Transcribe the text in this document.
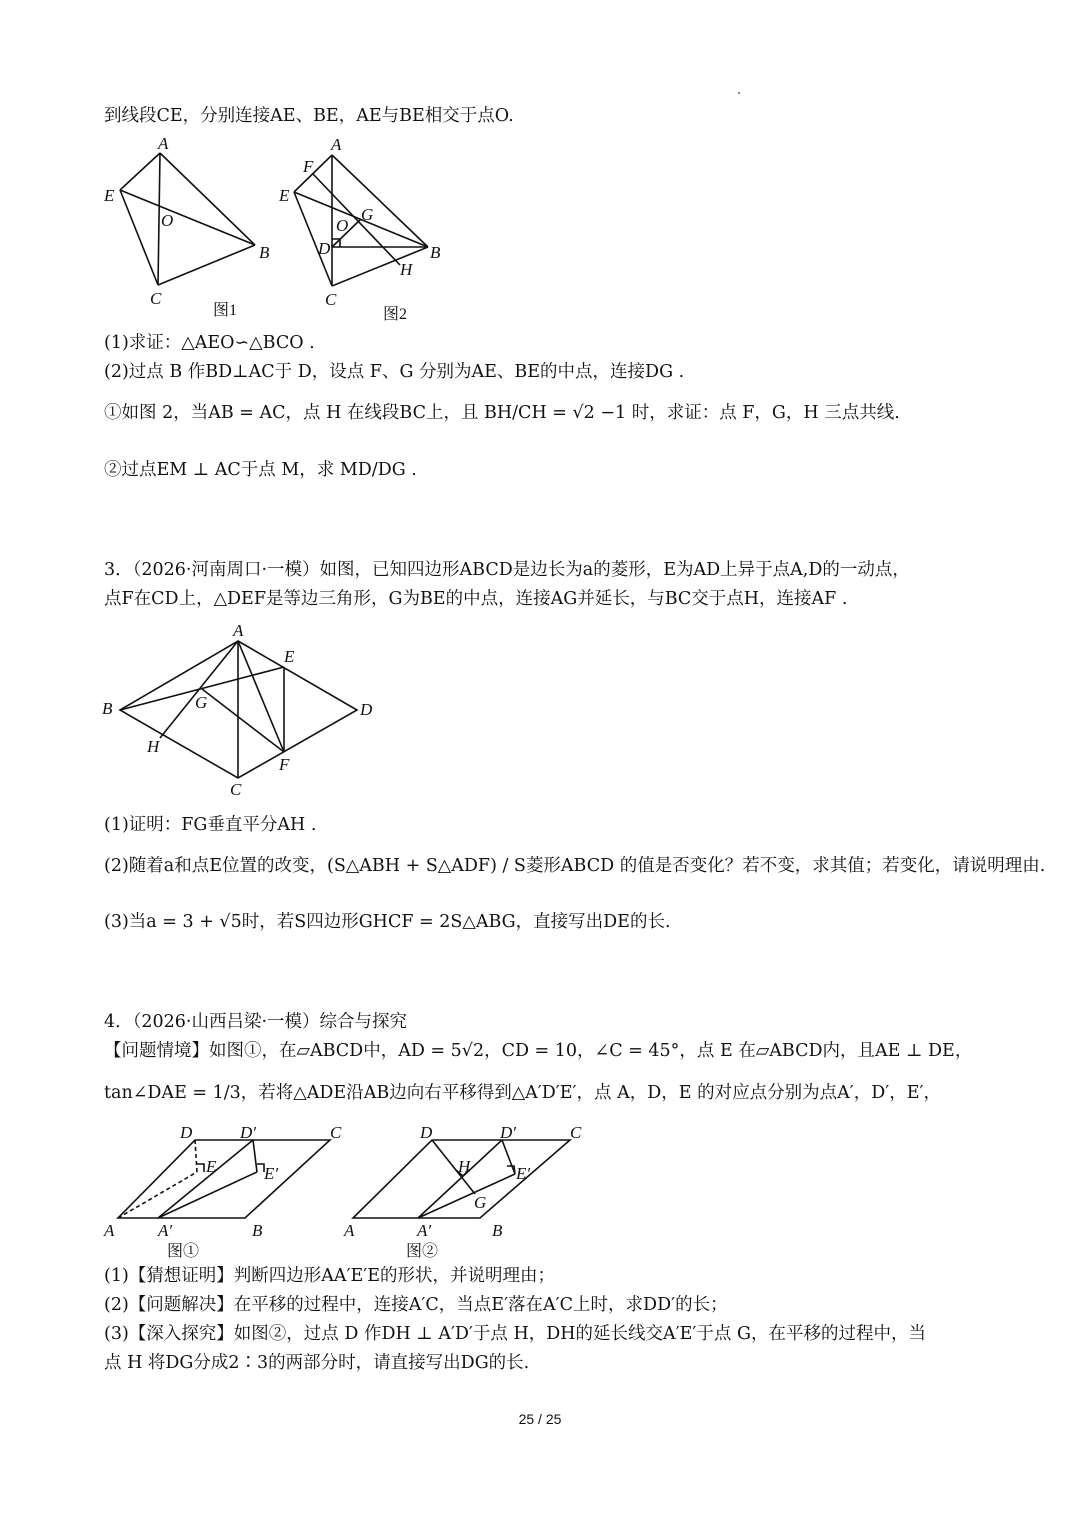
到线段CE，分别连接AE、BE，AE与BE相交于点O.
(1)求证：△AEO∽△BCO .
(2)过点 B 作BD⊥AC于 D，设点 F、G 分别为AE、BE的中点，连接DG .
①如图 2，当AB = AC，点 H 在线段BC上，且 BH/CH = √2 −1 时，求证：点 F，G，H 三点共线.
②过点EM ⊥ AC于点 M，求 MD/DG .
3．（2026·河南周口·一模）如图，已知四边形ABCD是边长为a的菱形，E为AD上异于点A,D的一动点，
点F在CD上，△DEF是等边三角形，G为BE的中点，连接AG并延长，与BC交于点H，连接AF .
(1)证明：FG垂直平分AH .
(2)随着a和点E位置的改变，(S△ABH + S△ADF) / S菱形ABCD 的值是否变化？若不变，求其值；若变化，请说明理由.
(3)当a = 3 + √5时，若S四边形GHCF = 2S△ABG，直接写出DE的长.
4．（2026·山西吕梁·一模）综合与探究
【问题情境】如图①，在▱ABCD中，AD = 5√2，CD = 10，∠C = 45°，点 E 在▱ABCD内，且AE ⊥ DE，
tan∠DAE = 1/3，若将△ADE沿AB边向右平移得到△A′D′E′，点 A，D，E 的对应点分别为点A′，D′，E′，
(1)【猜想证明】判断四边形AA′E′E的形状，并说明理由；
(2)【问题解决】在平移的过程中，连接A′C，当点E′落在A′C上时，求DD′的长；
(3)【深入探究】如图②，过点 D 作DH ⊥ A′D′于点 H，DH的延长线交A′E′于点 G，在平移的过程中，当
点 H 将DG分成2∶3的两部分时，请直接写出DG的长.
A
E
O
B
C
图1
F
A
E
G
O
D	B
H
C
图2
A
E
B	G	D
H
F
C
D	D′	C
E	E′
A	A′	B
图①
D	D′	C
H	E′
G
A	A′	B
图②
25 / 25
